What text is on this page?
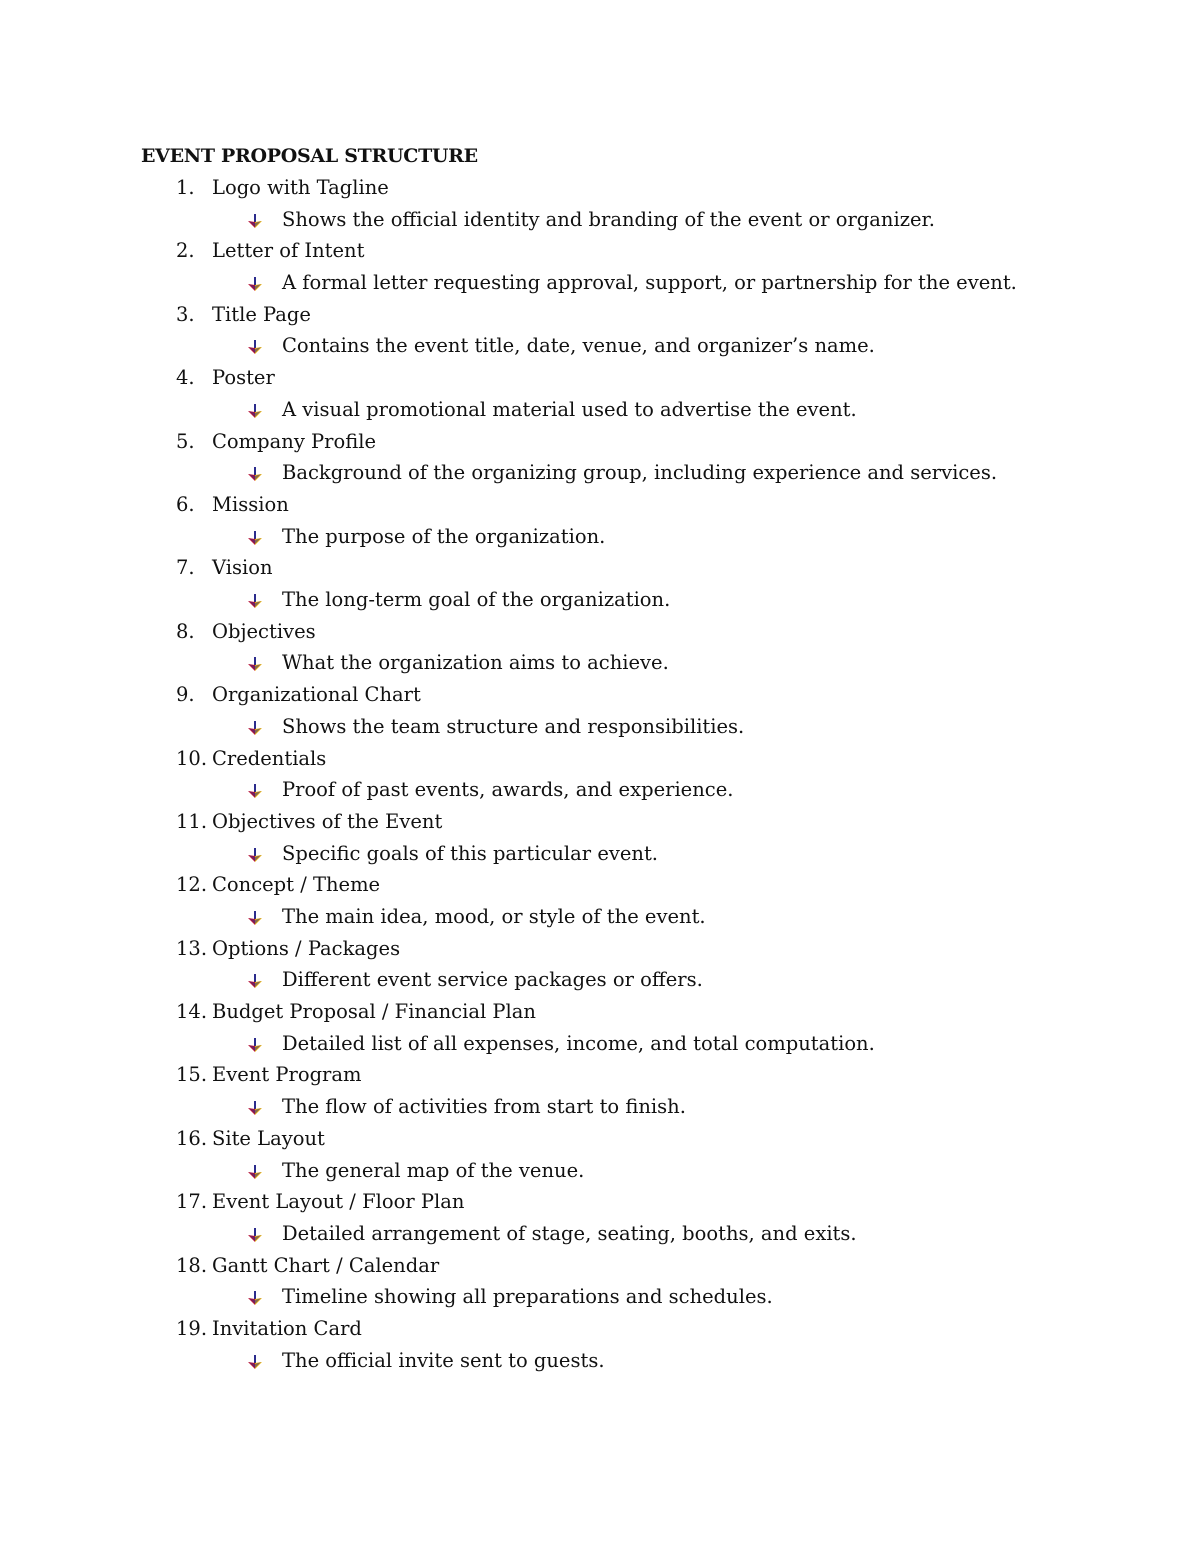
EVENT PROPOSAL STRUCTURE
1. Logo with Tagline
Shows the official identity and branding of the event or organizer.
2. Letter of Intent
A formal letter requesting approval, support, or partnership for the event.
3. Title Page
Contains the event title, date, venue, and organizer’s name.
4. Poster
A visual promotional material used to advertise the event.
5. Company Profile
Background of the organizing group, including experience and services.
6. Mission
The purpose of the organization.
7. Vision
The long-term goal of the organization.
8. Objectives
What the organization aims to achieve.
9. Organizational Chart
Shows the team structure and responsibilities.
10. Credentials
Proof of past events, awards, and experience.
11. Objectives of the Event
Specific goals of this particular event.
12. Concept / Theme
The main idea, mood, or style of the event.
13. Options / Packages
Different event service packages or offers.
14. Budget Proposal / Financial Plan
Detailed list of all expenses, income, and total computation.
15. Event Program
The flow of activities from start to finish.
16. Site Layout
The general map of the venue.
17. Event Layout / Floor Plan
Detailed arrangement of stage, seating, booths, and exits.
18. Gantt Chart / Calendar
Timeline showing all preparations and schedules.
19. Invitation Card
The official invite sent to guests.
